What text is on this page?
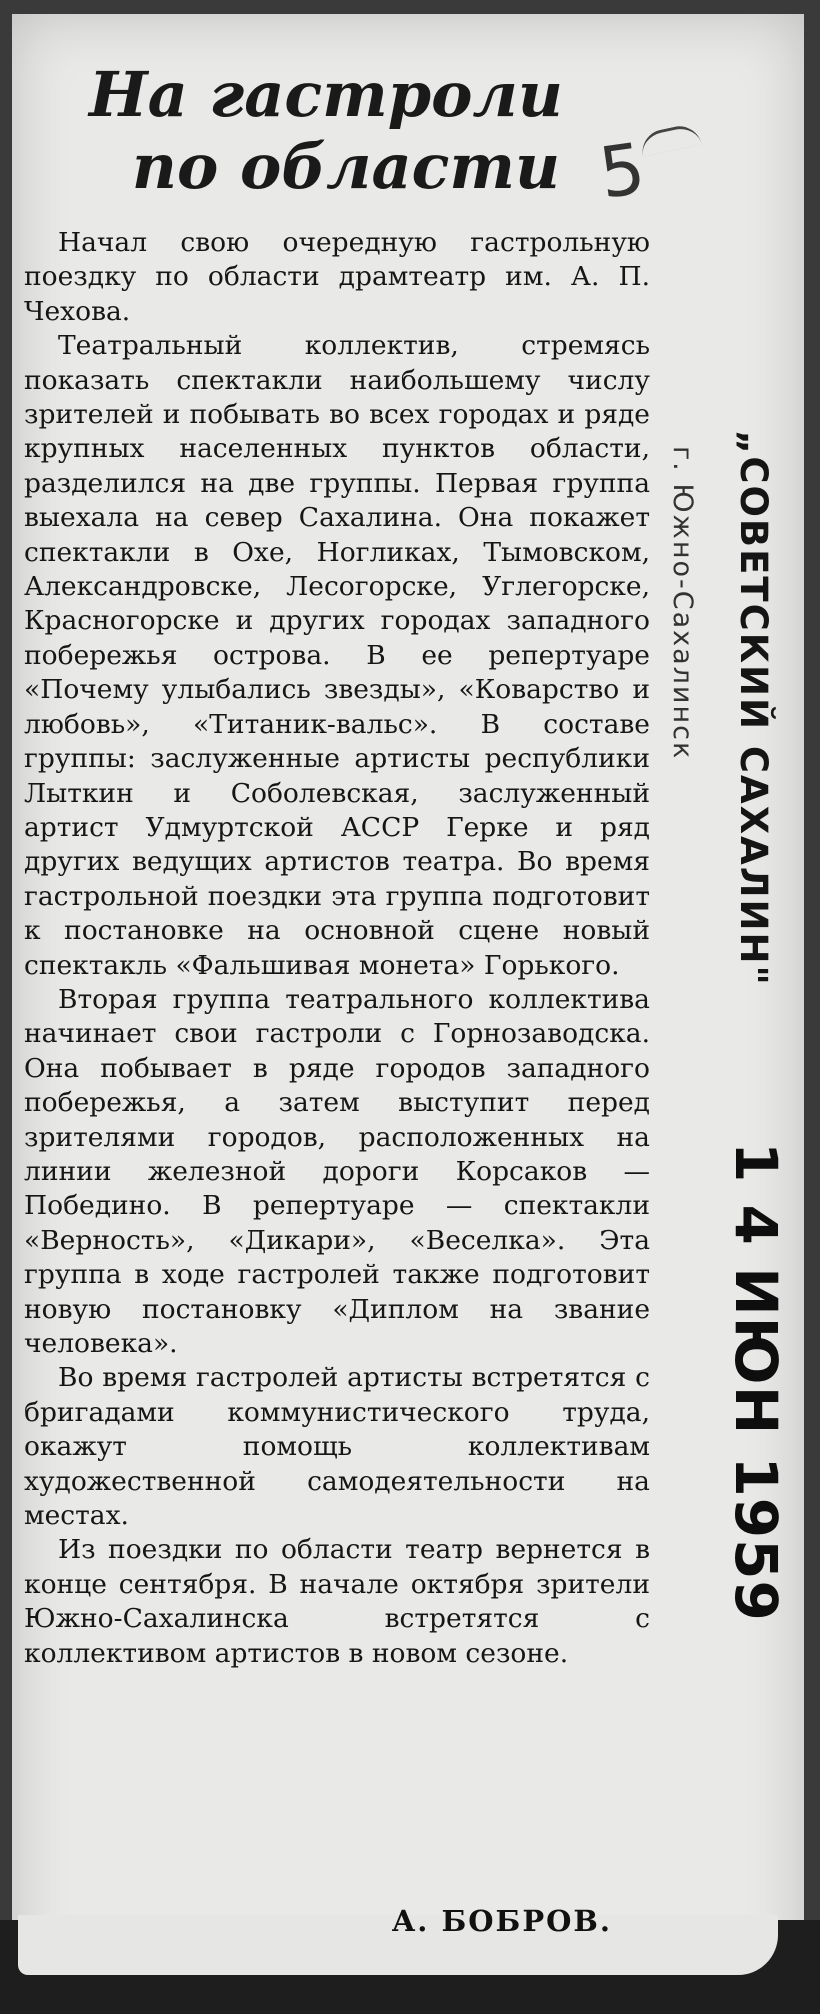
На гастроли
по области 5

Начал свою очередную гастрольную поездку по области драмтеатр им. А. П. Чехова.

Театральный коллектив, стремясь показать спектакли наибольшему числу зрителей и побывать во всех городах и ряде крупных населенных пунктов области, разделился на две группы. Первая группа выехала на север Сахалина. Она покажет спектакли в Охе, Ногликах, Тымовском, Александровске, Лесогорске, Углегорске, Красногорске и других городах западного побережья острова. В ее репертуаре «Почему улыбались звезды», «Коварство и любовь», «Титаник-вальс». В составе группы: заслуженные артисты республики Лыткин и Соболевская, заслуженный артист Удмуртской АССР Герке и ряд других ведущих артистов театра. Во время гастрольной поездки эта группа подготовит к постановке на основной сцене новый спектакль «Фальшивая монета» Горького.

Вторая группа театрального коллектива начинает свои гастроли с Горнозаводска. Она побывает в ряде городов западного побережья, а затем выступит перед зрителями городов, расположенных на линии железной дороги Корсаков — Победино. В репертуаре — спектакли «Верность», «Дикари», «Веселка». Эта группа в ходе гастролей также подготовит новую постановку «Диплом на звание человека».

Во время гастролей артисты встретятся с бригадами коммунистического труда, окажут помощь коллективам художественной самодеятельности на местах.

Из поездки по области театр вернется в конце сентября. В начале октября зрители Южно-Сахалинска встретятся с коллективом артистов в новом сезоне.

А. БОБРОВ.
г. Южно-Сахалинск „СОВЕТСКИЙ САХАЛИН"
1 4 ИЮН 1959
